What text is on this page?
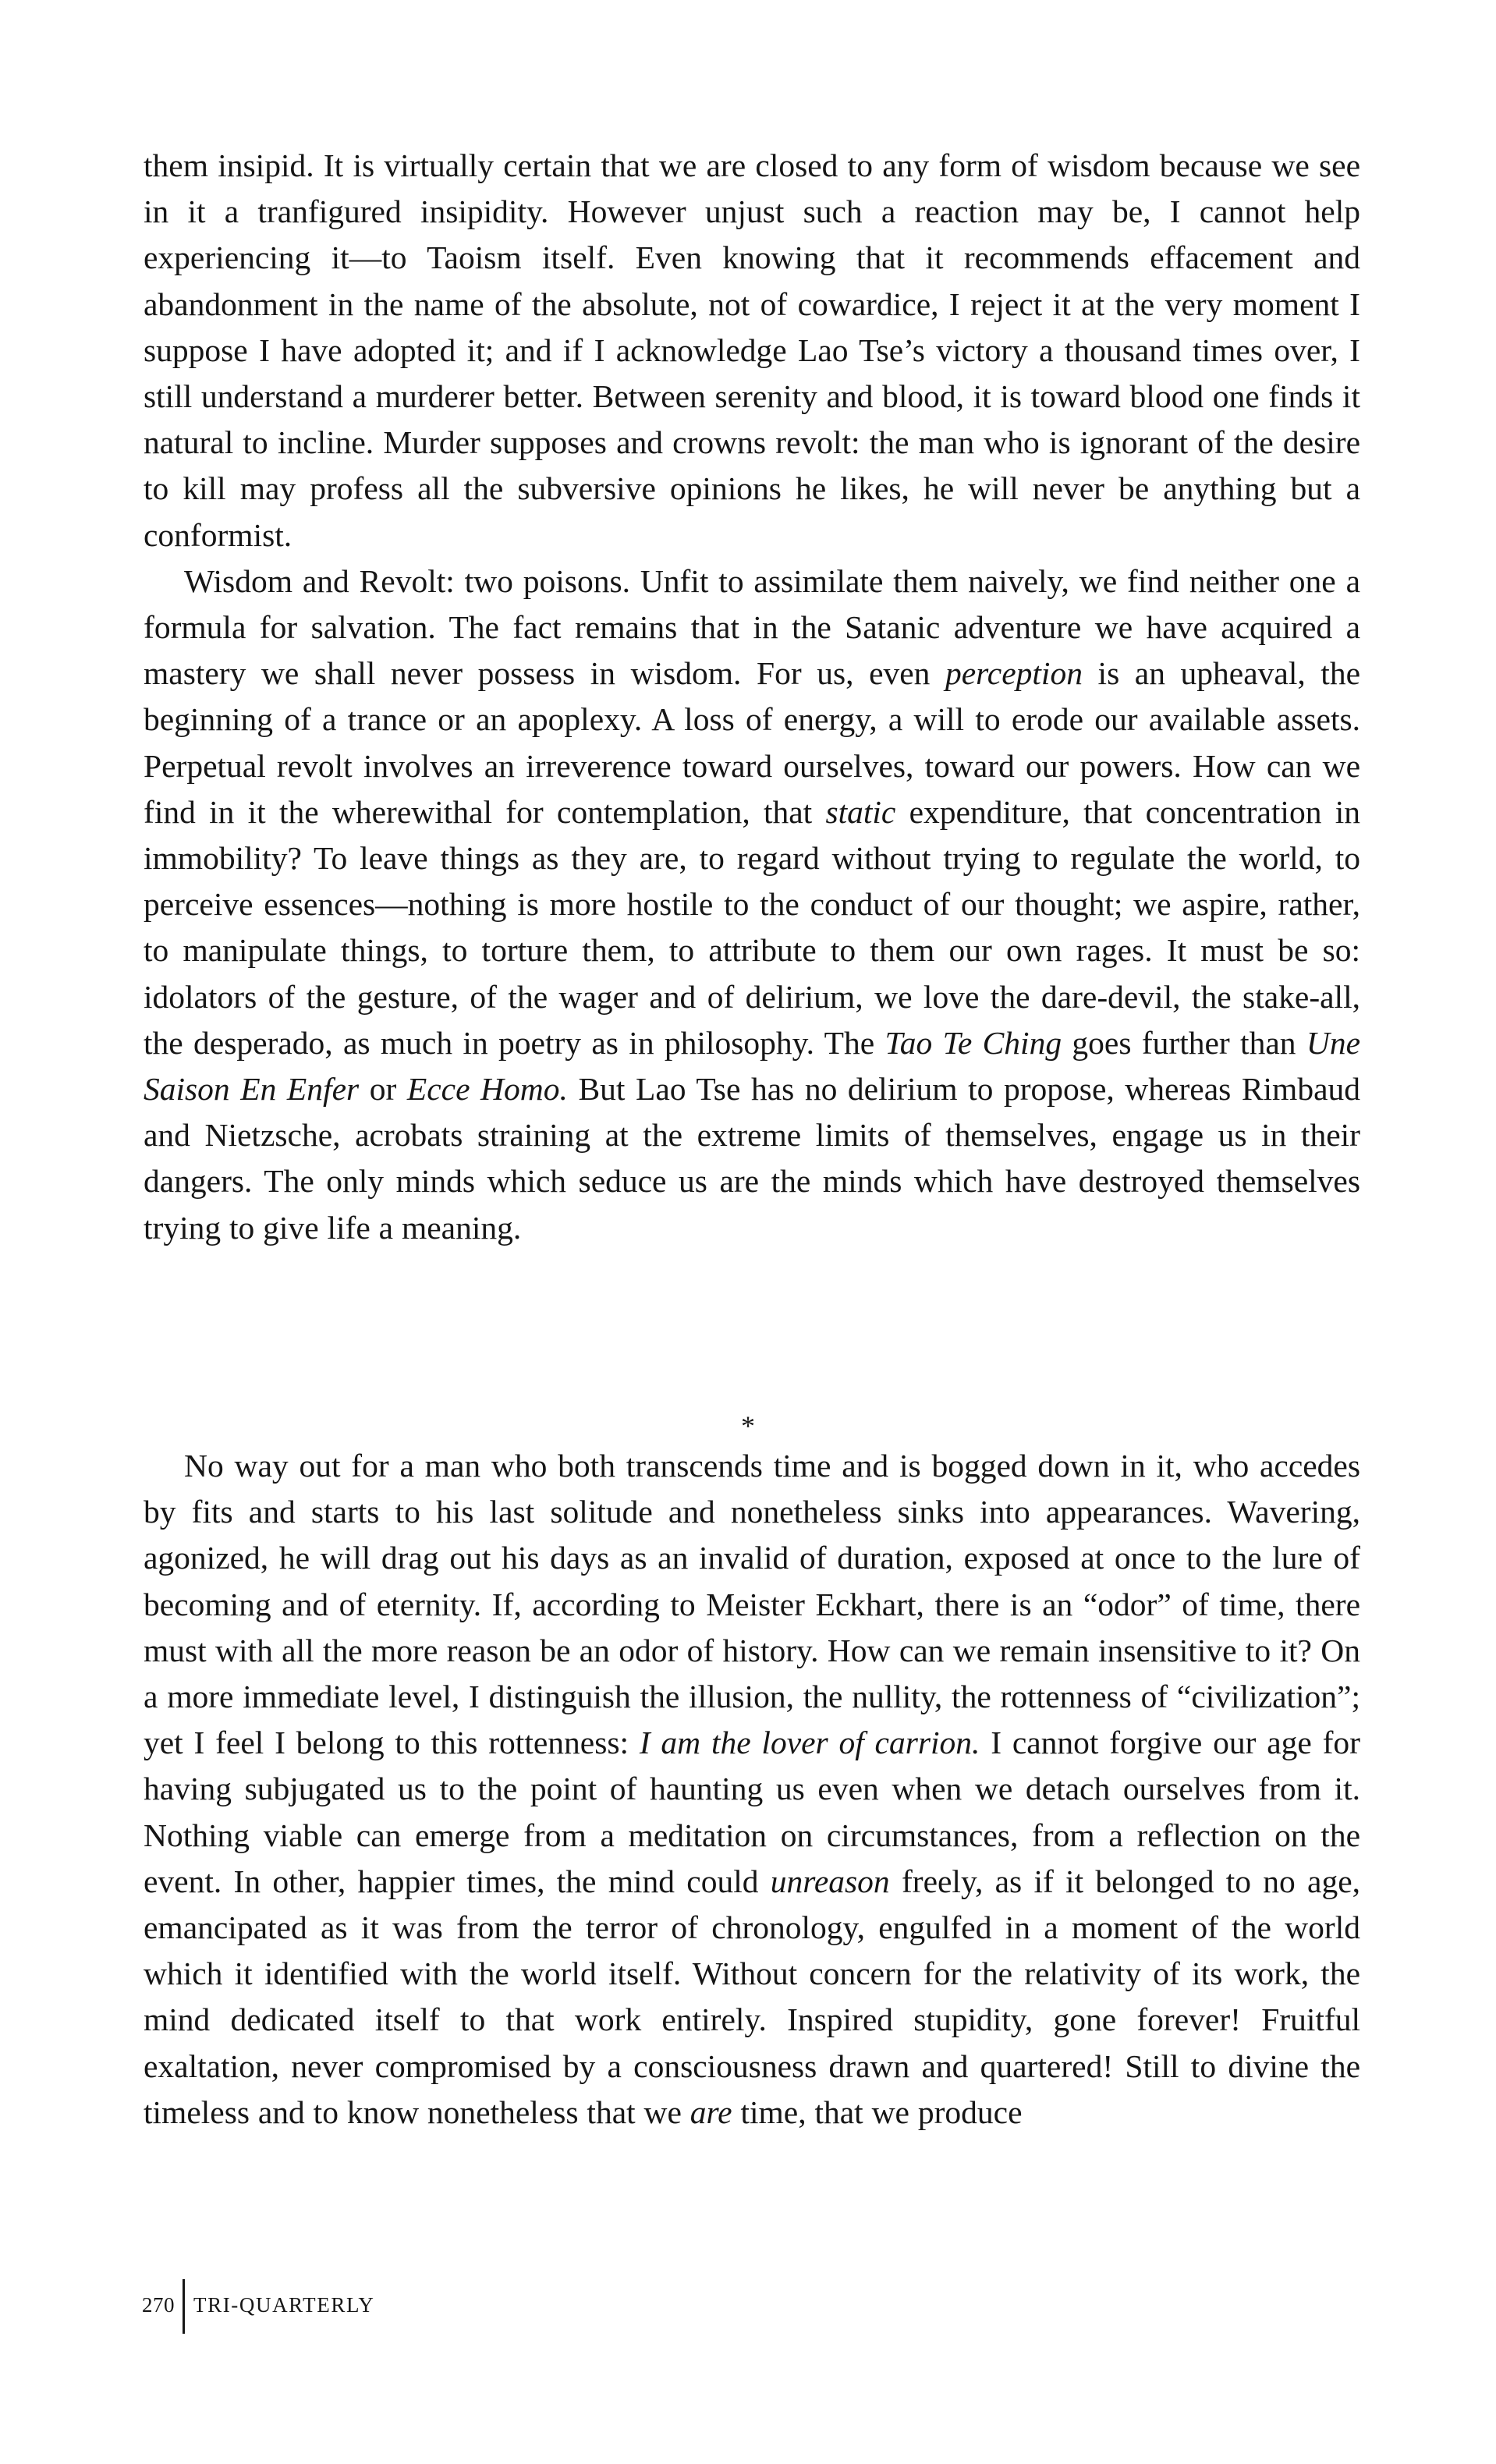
them insipid. It is virtually certain that we are closed to any form of wisdom because we see in it a tranfigured insipidity. However unjust such a reaction may be, I cannot help experiencing it—to Taoism itself. Even knowing that it recommends effacement and abandonment in the name of the absolute, not of cowardice, I reject it at the very moment I suppose I have adopted it; and if I acknowledge Lao Tse’s victory a thousand times over, I still understand a murderer better. Between serenity and blood, it is toward blood one finds it natural to incline. Murder supposes and crowns revolt: the man who is ignorant of the desire to kill may profess all the subversive opinions he likes, he will never be anything but a conformist.

Wisdom and Revolt: two poisons. Unfit to assimilate them naively, we find neither one a formula for salvation. The fact remains that in the Satanic adventure we have acquired a mastery we shall never possess in wisdom. For us, even perception is an upheaval, the beginning of a trance or an apoplexy. A loss of energy, a will to erode our available assets. Perpetual revolt involves an irreverence toward ourselves, toward our powers. How can we find in it the wherewithal for contemplation, that static expenditure, that concentration in immobility? To leave things as they are, to regard without trying to regulate the world, to perceive essences—nothing is more hostile to the conduct of our thought; we aspire, rather, to manipulate things, to torture them, to attribute to them our own rages. It must be so: idolators of the gesture, of the wager and of delirium, we love the dare-devil, the stake-all, the desperado, as much in poetry as in philosophy. The Tao Te Ching goes further than Une Saison En Enfer or Ecce Homo. But Lao Tse has no delirium to propose, whereas Rimbaud and Nietzsche, acrobats straining at the extreme limits of themselves, engage us in their dangers. The only minds which seduce us are the minds which have destroyed themselves trying to give life a meaning.

*

No way out for a man who both transcends time and is bogged down in it, who accedes by fits and starts to his last solitude and nonetheless sinks into appearances. Wavering, agonized, he will drag out his days as an invalid of duration, exposed at once to the lure of becoming and of eternity. If, according to Meister Eckhart, there is an “odor” of time, there must with all the more reason be an odor of history. How can we remain insensitive to it? On a more immediate level, I distinguish the illusion, the nullity, the rottenness of “civilization”; yet I feel I belong to this rottenness: I am the lover of carrion. I cannot forgive our age for having subjugated us to the point of haunting us even when we detach ourselves from it. Nothing viable can emerge from a meditation on circumstances, from a reflection on the event. In other, happier times, the mind could unreason freely, as if it belonged to no age, emancipated as it was from the terror of chronology, engulfed in a moment of the world which it identified with the world itself. Without concern for the relativity of its work, the mind dedicated itself to that work entirely. Inspired stupidity, gone forever! Fruitful exaltation, never compromised by a consciousness drawn and quartered! Still to divine the timeless and to know nonetheless that we are time, that we produce

270 TRI-QUARTERLY
